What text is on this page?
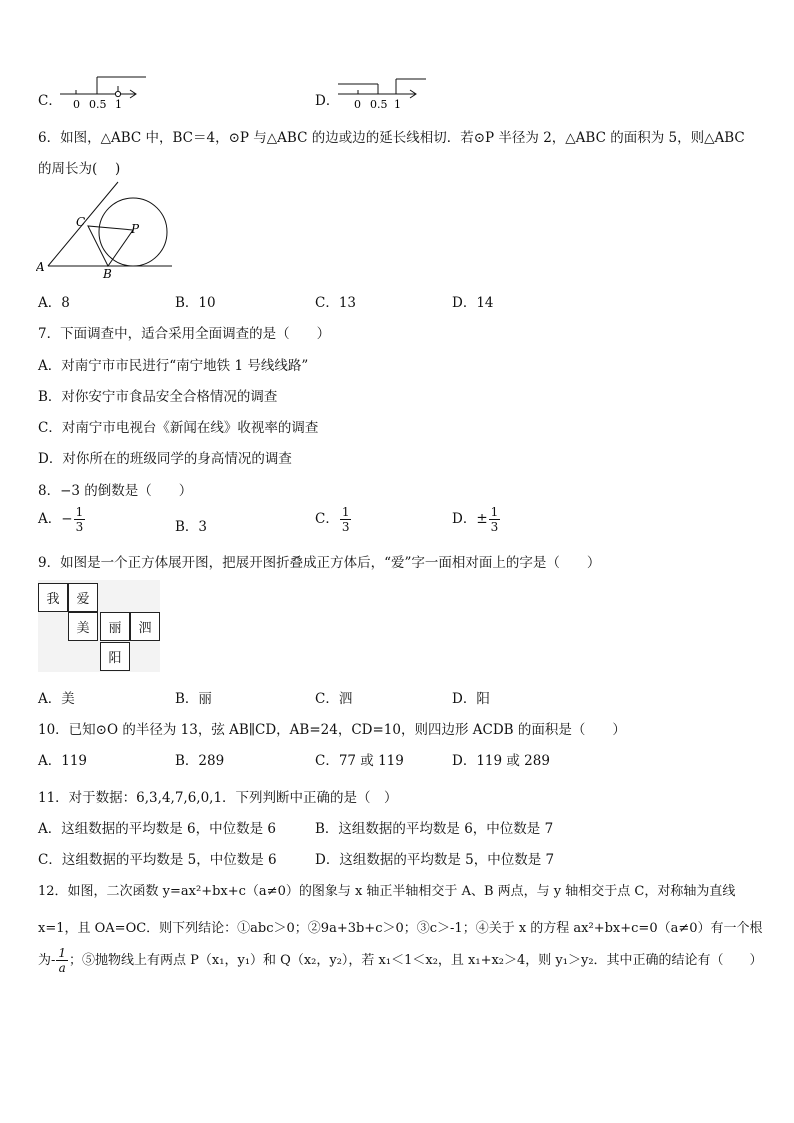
C． 0 0.5 1	D． 0 0.5 1
6．如图，△ABC 中，BC＝4，⊙P 与△ABC 的边或边的延长线相切．若⊙P 半径为 2，△ABC 的面积为 5，则△ABC
的周长为(　 )
A	B
C	P
A．8	B．10	C．13	D．14
7．下面调查中，适合采用全面调查的是（　　）
A．对南宁市市民进行“南宁地铁 1 号线线路”
B．对你安宁市食品安全合格情况的调查
C．对南宁市电视台《新闻在线》收视率的调查
D．对你所在的班级同学的身高情况的调查
8．−3 的倒数是（　　）
A．− $\frac{1}{3}$	B．3	C． $\frac{1}{3}$	D．± $\frac{1}{3}$
9．如图是一个正方体展开图，把展开图折叠成正方体后，“爱”字一面相对面上的字是（　　）
我	爱
美	丽	泗
阳
A．美	B．丽	C．泗	D．阳
10．已知⊙O 的半径为 13，弦 AB∥CD，AB=24，CD=10，则四边形 ACDB 的面积是（　　）
A．119	B．289	C．77 或 119	D．119 或 289
11．对于数据：6,3,4,7,6,0,1．下列判断中正确的是（　）
A．这组数据的平均数是 6，中位数是 6	B．这组数据的平均数是 6，中位数是 7
C．这组数据的平均数是 5，中位数是 6	D．这组数据的平均数是 5，中位数是 7
12．如图，二次函数 y=ax²+bx+c（a≠0）的图象与 x 轴正半轴相交于 A、B 两点，与 y 轴相交于点 C，对称轴为直线
x=1，且 OA=OC．则下列结论：①abc＞0；②9a+3b+c＞0；③c＞-1；④关于 x 的方程 ax²+bx+c=0（a≠0）有一个根
为- $\frac{1}{a}$ ；⑤抛物线上有两点 P（x₁，y₁）和 Q（x₂，y₂），若 x₁＜1＜x₂，且 x₁+x₂＞4，则 y₁＞y₂．其中正确的结论有（　　）
